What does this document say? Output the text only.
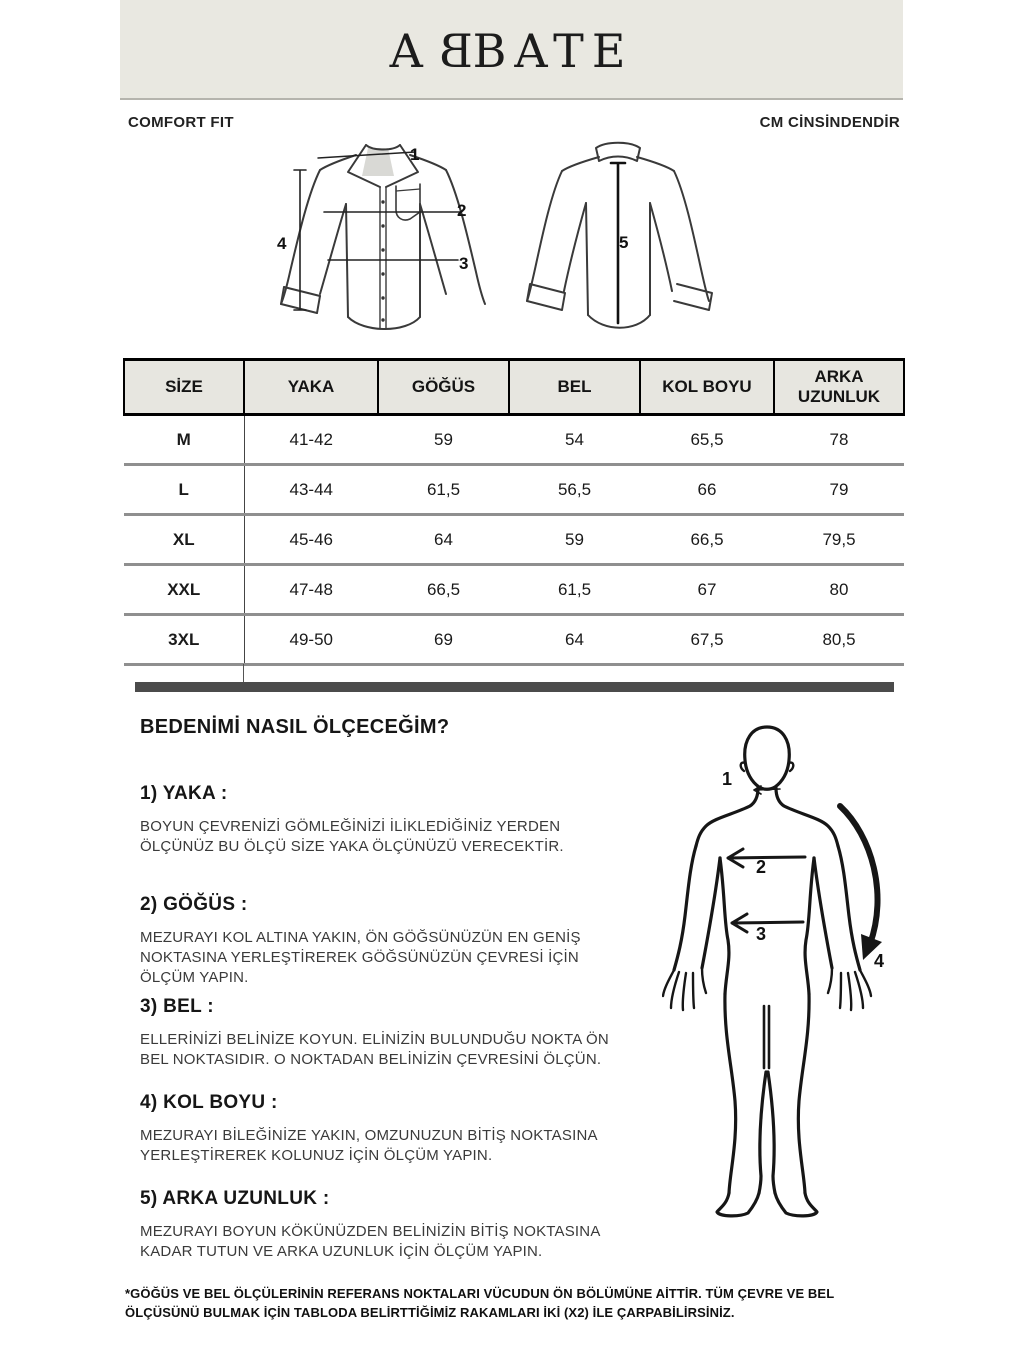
ABBATE
COMFORT FIT	CM CİNSİNDENDİR
1
2
3
4	5
SİZE	YAKA	GÖĞÜS	BEL	KOL BOYU	ARKA UZUNLUK
M	41-42	59	54	65,5	78
L	43-44	61,5	56,5	66	79
XL	45-46	64	59	66,5	79,5
XXL	47-48	66,5	61,5	67	80
3XL	49-50	69	64	67,5	80,5
BEDENİMİ NASIL ÖLÇECEĞİM?
1) YAKA :
BOYUN ÇEVRENİZİ GÖMLEĞİNİZİ İLİKLEDİĞİNİZ YERDEN ÖLÇÜNÜZ BU ÖLÇÜ SİZE YAKA ÖLÇÜNÜZÜ VERECEKTİR.
2) GÖĞÜS :
MEZURAYI KOL ALTINA YAKIN, ÖN GÖĞSÜNÜZÜN EN GENİŞ NOKTASINA YERLEŞTİREREK GÖĞSÜNÜZÜN ÇEVRESİ İÇİN ÖLÇÜM YAPIN.
3) BEL :
ELLERİNİZİ BELİNİZE KOYUN. ELİNİZİN BULUNDUĞU NOKTA ÖN BEL NOKTASIDIR. O NOKTADAN BELİNİZİN ÇEVRESİNİ ÖLÇÜN.
4) KOL BOYU :
MEZURAYI BİLEĞİNİZE YAKIN, OMZUNUZUN BİTİŞ NOKTASINA YERLEŞTİREREK KOLUNUZ İÇİN ÖLÇÜM YAPIN.
5) ARKA UZUNLUK :
MEZURAYI BOYUN KÖKÜNÜZDEN BELİNİZİN BİTİŞ NOKTASINA KADAR TUTUN VE ARKA UZUNLUK İÇİN ÖLÇÜM YAPIN.
1
2
3
4
*GÖĞÜS VE BEL ÖLÇÜLERİNİN REFERANS NOKTALARI VÜCUDUN ÖN BÖLÜMÜNE AİTTİR. TÜM ÇEVRE VE BEL ÖLÇÜSÜNÜ BULMAK İÇİN TABLODA BELİRTTİĞİMİZ RAKAMLARI İKİ (X2) İLE ÇARPABİLİRSİNİZ.
